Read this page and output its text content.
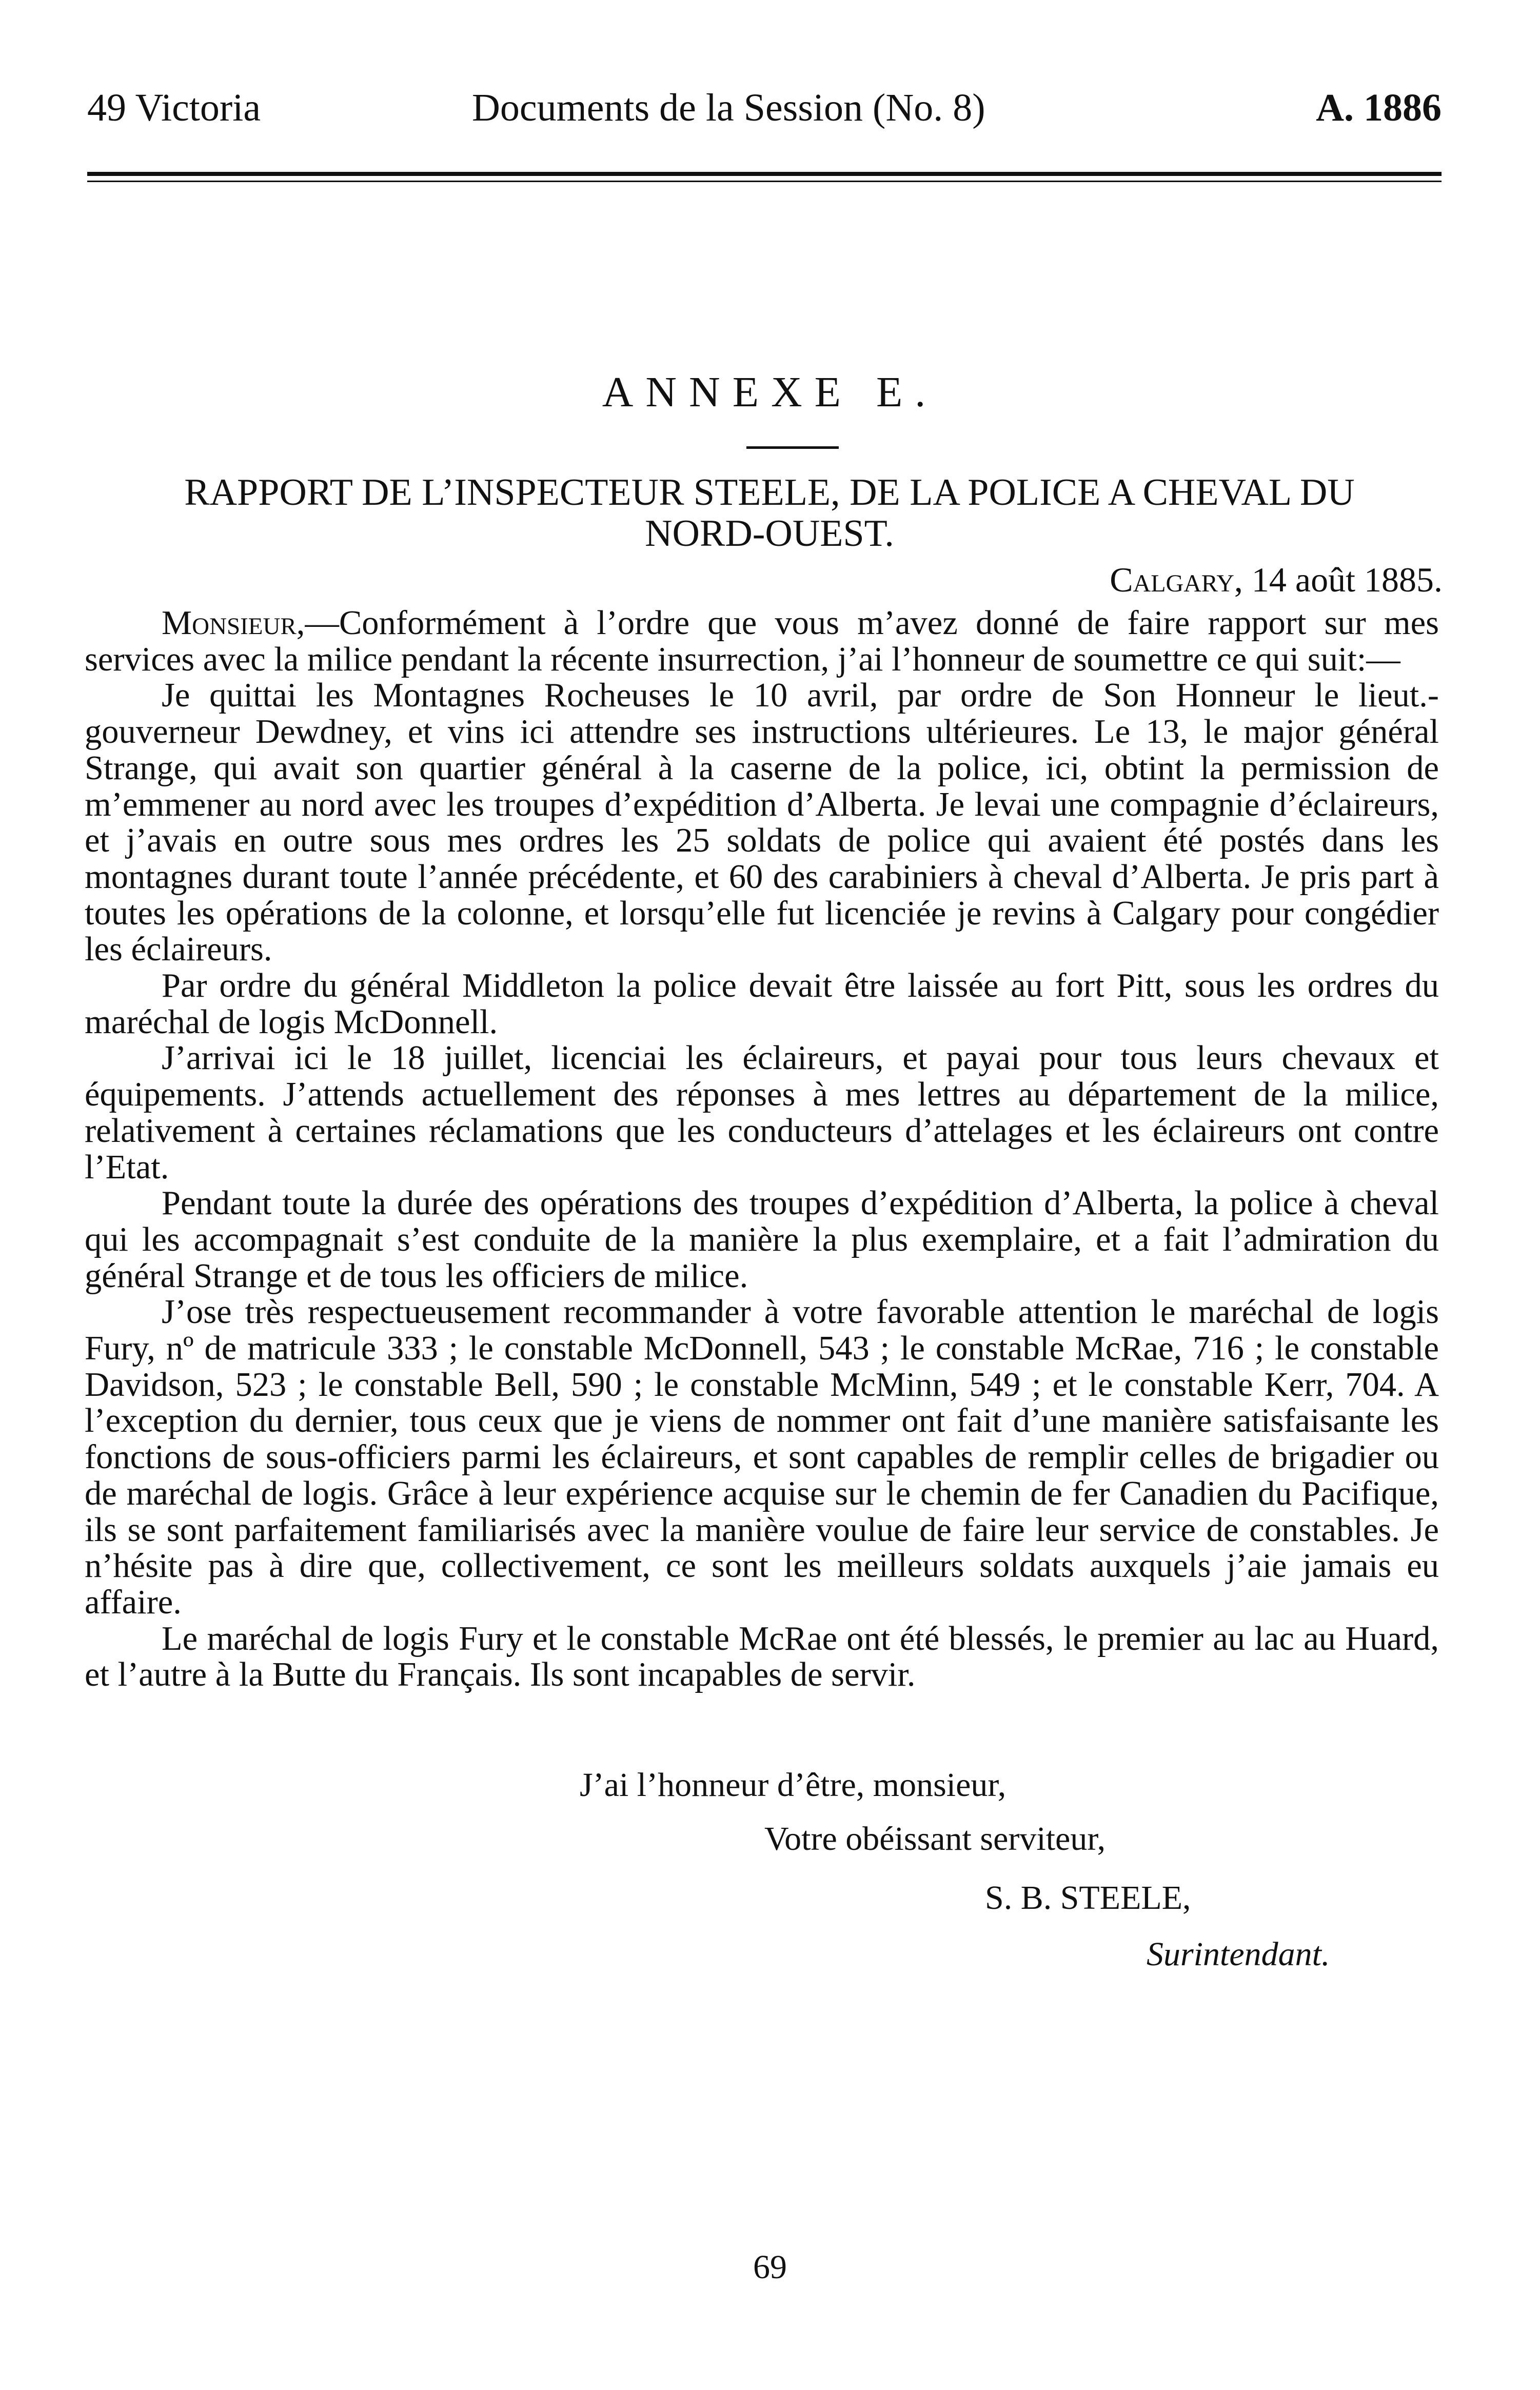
49 Victoria	Documents de la Session (No. 8)	A. 1886
ANNEXE E.
RAPPORT DE L’INSPECTEUR STEELE, DE LA POLICE A CHEVAL DU NORD-OUEST.
Calgary, 14 août 1885.

Monsieur,—Conformément à l’ordre que vous m’avez donné de faire rapport sur mes services avec la milice pendant la récente insurrection, j’ai l’honneur de soumettre ce qui suit:—

Je quittai les Montagnes Rocheuses le 10 avril, par ordre de Son Honneur le lieut.-gouverneur Dewdney, et vins ici attendre ses instructions ultérieures. Le 13, le major général Strange, qui avait son quartier général à la caserne de la police, ici, obtint la permission de m’emmener au nord avec les troupes d’expédition d’Alberta. Je levai une compagnie d’éclaireurs, et j’avais en outre sous mes ordres les 25 soldats de police qui avaient été postés dans les montagnes durant toute l’année précédente, et 60 des carabiniers à cheval d’Alberta. Je pris part à toutes les opérations de la colonne, et lorsqu’elle fut licenciée je revins à Calgary pour congédier les éclaireurs.

Par ordre du général Middleton la police devait être laissée au fort Pitt, sous les ordres du maréchal de logis McDonnell.

J’arrivai ici le 18 juillet, licenciai les éclaireurs, et payai pour tous leurs chevaux et équipements. J’attends actuellement des réponses à mes lettres au département de la milice, relativement à certaines réclamations que les conducteurs d’attelages et les éclaireurs ont contre l’Etat.

Pendant toute la durée des opérations des troupes d’expédition d’Alberta, la police à cheval qui les accompagnait s’est conduite de la manière la plus exemplaire, et a fait l’admiration du général Strange et de tous les officiers de milice.

J’ose très respectueusement recommander à votre favorable attention le maréchal de logis Fury, nº de matricule 333 ; le constable McDonnell, 543 ; le constable McRae, 716 ; le constable Davidson, 523 ; le constable Bell, 590 ; le constable McMinn, 549 ; et le constable Kerr, 704. A l’exception du dernier, tous ceux que je viens de nommer ont fait d’une manière satisfaisante les fonctions de sous-officiers parmi les éclaireurs, et sont capables de remplir celles de brigadier ou de maréchal de logis. Grâce à leur expérience acquise sur le chemin de fer Canadien du Pacifique, ils se sont parfaitement familiarisés avec la manière voulue de faire leur service de constables. Je n’hésite pas à dire que, collectivement, ce sont les meilleurs soldats auxquels j’aie jamais eu affaire.

Le maréchal de logis Fury et le constable McRae ont été blessés, le premier au lac au Huard, et l’autre à la Butte du Français. Ils sont incapables de servir.

J’ai l’honneur d’être, monsieur,
Votre obéissant serviteur,
S. B. STEELE,
Surintendant.
69
